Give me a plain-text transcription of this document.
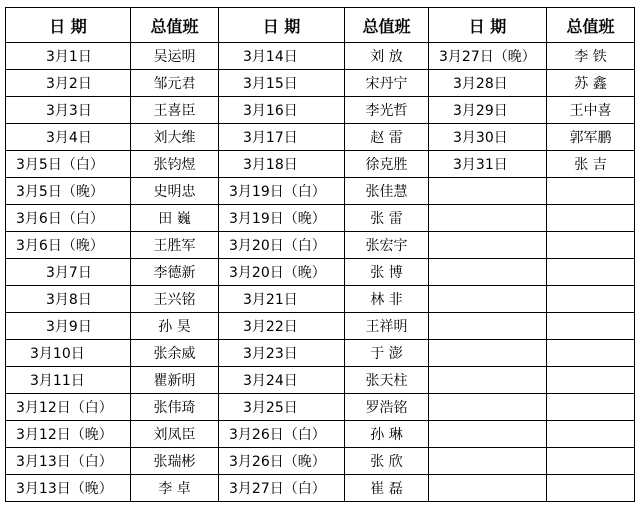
日 期	总值班	日 期	总值班	日 期	总值班
3月1日	吴运明	3月14日	刘 放	3月27日（晚）	李 铁
3月2日	邹元君	3月15日	宋丹宁	3月28日	苏 鑫
3月3日	王喜臣	3月16日	李光哲	3月29日	王中喜
3月4日	刘大维	3月17日	赵 雷	3月30日	郭军鹏
3月5日（白）	张钧煜	3月18日	徐克胜	3月31日	张 吉
3月5日（晚）	史明忠	3月19日（白）	张佳慧		
3月6日（白）	田 巍	3月19日（晚）	张 雷		
3月6日（晚）	王胜军	3月20日（白）	张宏宇		
3月7日	李德新	3月20日（晚）	张 博		
3月8日	王兴铭	3月21日	林 非		
3月9日	孙 昊	3月22日	王祥明		
3月10日	张余威	3月23日	于 澎		
3月11日	瞿新明	3月24日	张天柱		
3月12日（白）	张伟琦	3月25日	罗浩铭		
3月12日（晚）	刘凤臣	3月26日（白）	孙 琳		
3月13日（白）	张瑞彬	3月26日（晚）	张 欣		
3月13日（晚）	李 卓	3月27日（白）	崔 磊		
